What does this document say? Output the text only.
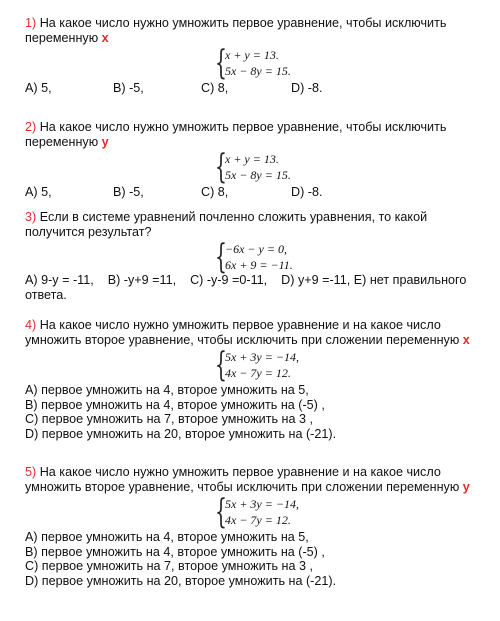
1) На какое число нужно умножить первое уравнение, чтобы исключить переменную x

{
x + y = 13.
5x − 8y = 15.
A) 5,	B) -5,	C) 8,	D) -8.

2) На какое число нужно умножить первое уравнение, чтобы исключить переменную y

{
x + y = 13.
5x − 8y = 15.
A) 5,	B) -5,	C) 8,	D) -8.

3) Если в системе уравнений почленно сложить уравнения, то какой получится результат?

{
−6x − y = 0,
6x + 9 = −11.

A) 9-y = -11,    B) -y+9 =11,    C) -y-9 =0-11,    D) y+9 =-11, E) нет правильного ответа.

4) На какое число нужно умножить первое уравнение и на какое число умножить второе уравнение, чтобы исключить при сложении переменную x

{
5x + 3y = −14,
4x − 7y = 12.
A) первое умножить на 4, второе умножить на 5,
B) первое умножить на 4, второе умножить на (-5) ,
C) первое умножить на 7, второе умножить на 3 ,
D) первое умножить на 20, второе умножить на (-21).

5) На какое число нужно умножить первое уравнение и на какое число умножить второе уравнение, чтобы исключить при сложении переменную y

{
5x + 3y = −14,
4x − 7y = 12.
A) первое умножить на 4, второе умножить на 5,
B) первое умножить на 4, второе умножить на (-5) ,
C) первое умножить на 7, второе умножить на 3 ,
D) первое умножить на 20, второе умножить на (-21).
